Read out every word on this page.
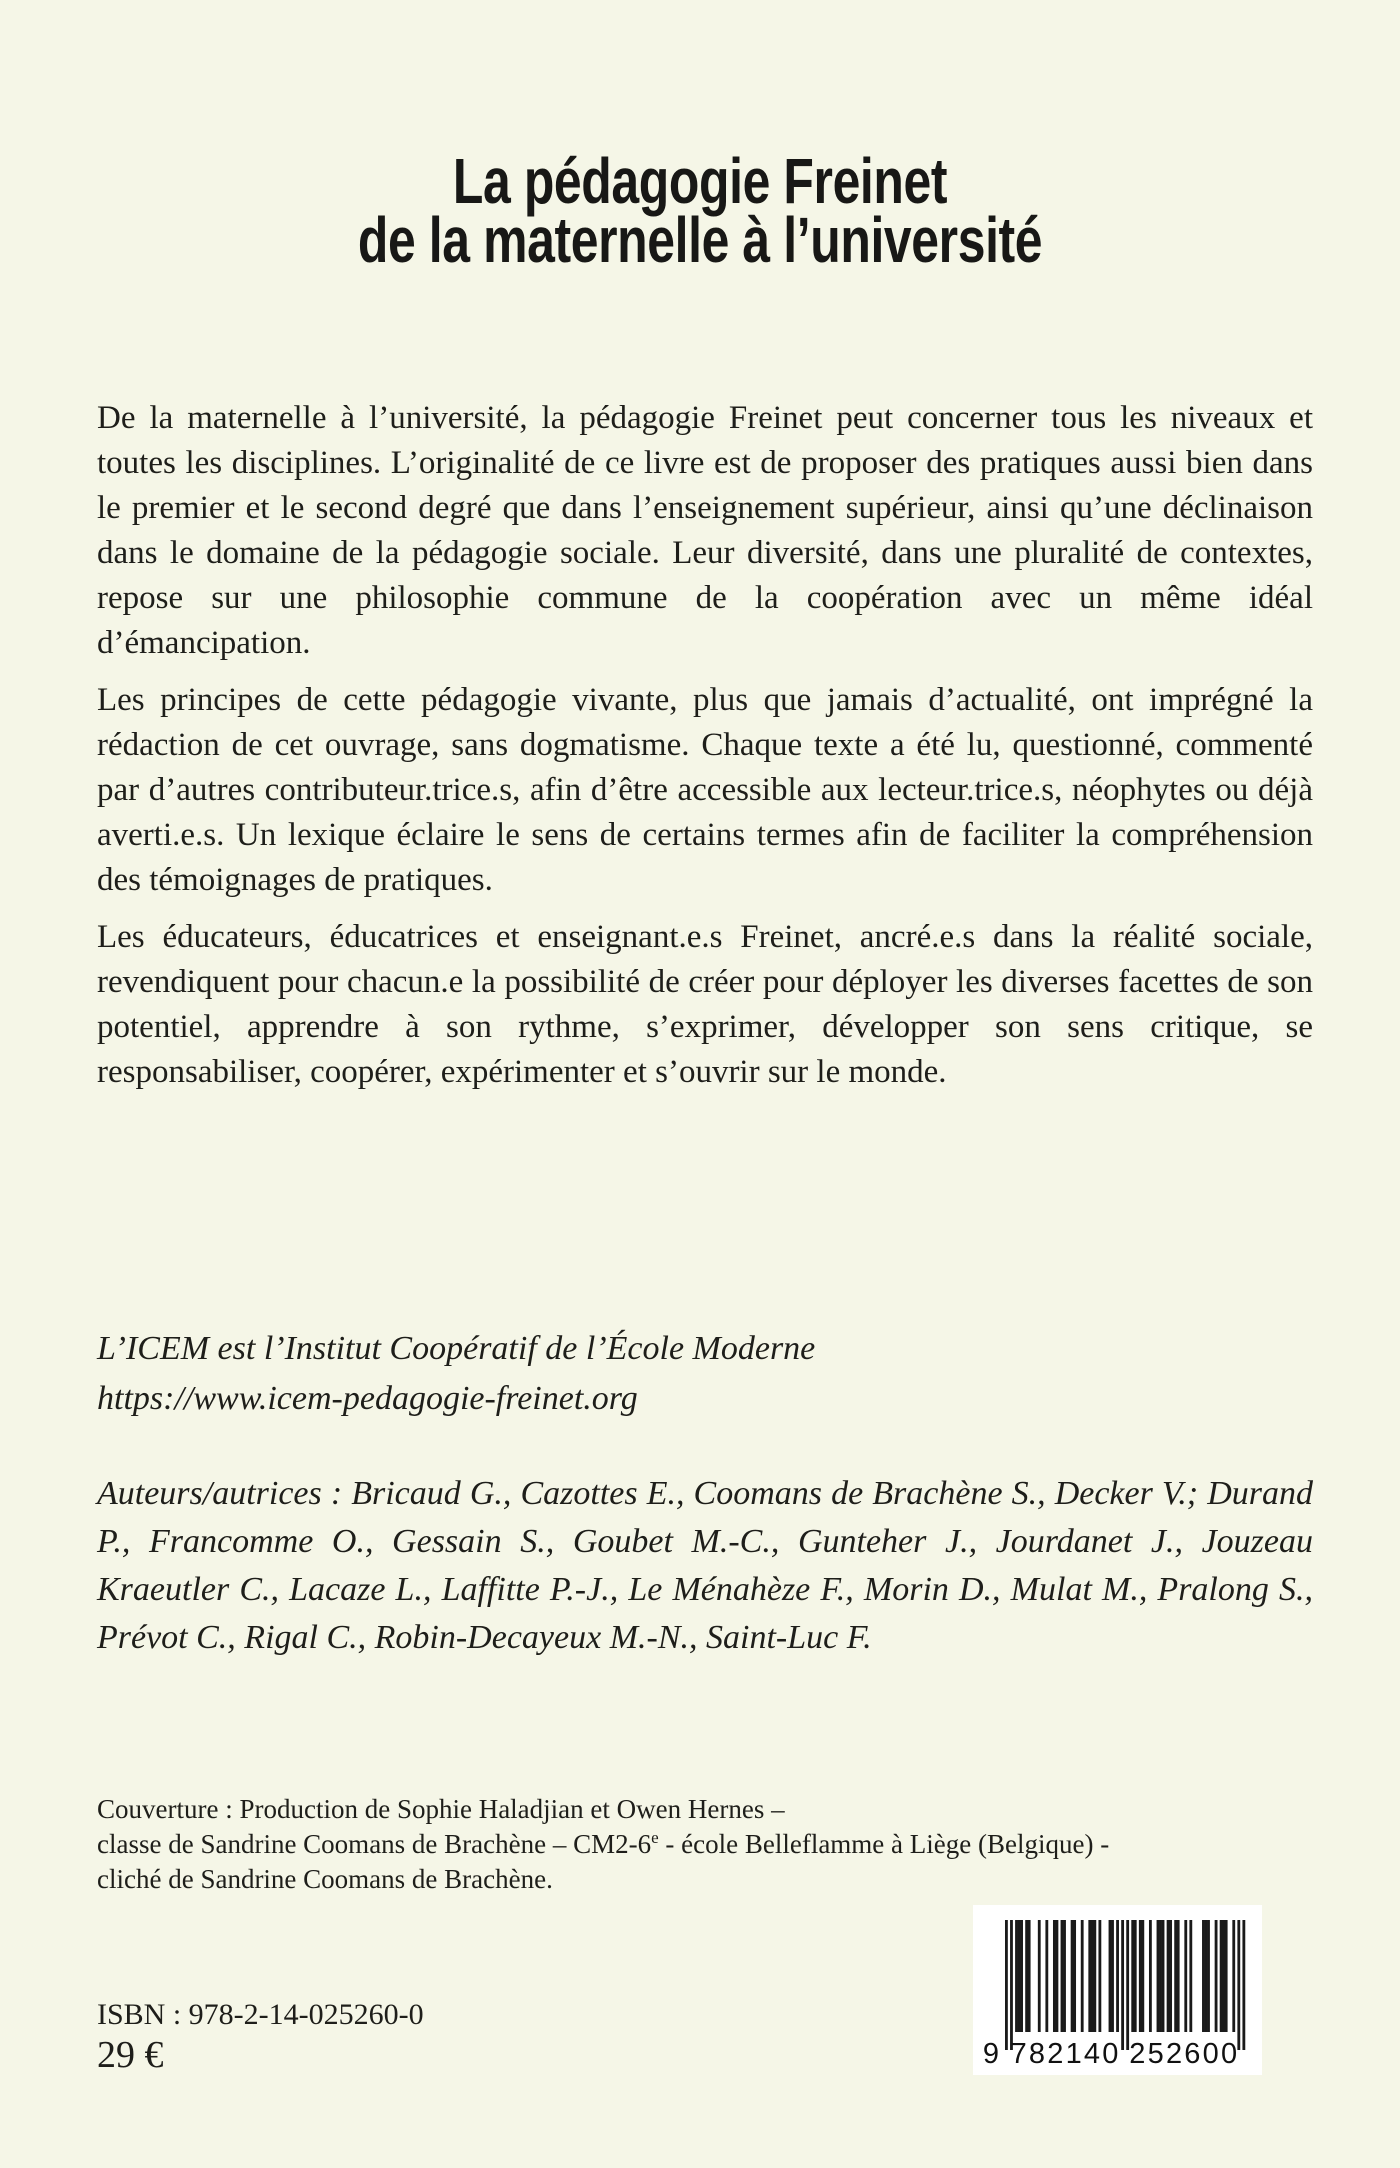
La pédagogie Freinet
de la maternelle à l’université

De la maternelle à l’université, la pédagogie Freinet peut concerner tous les niveaux et toutes les disciplines. L’originalité de ce livre est de proposer des pratiques aussi bien dans le premier et le second degré que dans l’enseignement supérieur, ainsi qu’une déclinaison dans le domaine de la pédagogie sociale. Leur diversité, dans une pluralité de contextes, repose sur une philosophie commune de la coopération avec un même idéal d’émancipation.

Les principes de cette pédagogie vivante, plus que jamais d’actualité, ont imprégné la rédaction de cet ouvrage, sans dogmatisme. Chaque texte a été lu, questionné, commenté par d’autres contributeur.trice.s, afin d’être accessible aux lecteur.trice.s, néophytes ou déjà averti.e.s. Un lexique éclaire le sens de certains termes afin de faciliter la compréhension des témoignages de pratiques.

Les éducateurs, éducatrices et enseignant.e.s Freinet, ancré.e.s dans la réalité sociale, revendiquent pour chacun.e la possibilité de créer pour déployer les diverses facettes de son potentiel, apprendre à son rythme, s’exprimer, développer son sens critique, se responsabiliser, coopérer, expérimenter et s’ouvrir sur le monde.

L’ICEM est l’Institut Coopératif de l’École Moderne
https://www.icem-pedagogie-freinet.org
Auteurs/autrices : Bricaud G., Cazottes E., Coomans de Brachène S., Decker V.; Durand P., Francomme O., Gessain S., Goubet M.-C., Gunteher J., Jourdanet J., Jouzeau Kraeutler C., Lacaze L., Laffitte P.-J., Le Ménahèze F., Morin D., Mulat M., Pralong S., Prévot C., Rigal C., Robin-Decayeux M.-N., Saint-Luc F.
Couverture : Production de Sophie Haladjian et Owen Hernes –
classe de Sandrine Coomans de Brachène – CM2-6e - école Belleflamme à Liège (Belgique) -
cliché de Sandrine Coomans de Brachène.
ISBN : 978-2-14-025260-0
29 €	9 782140 252600
